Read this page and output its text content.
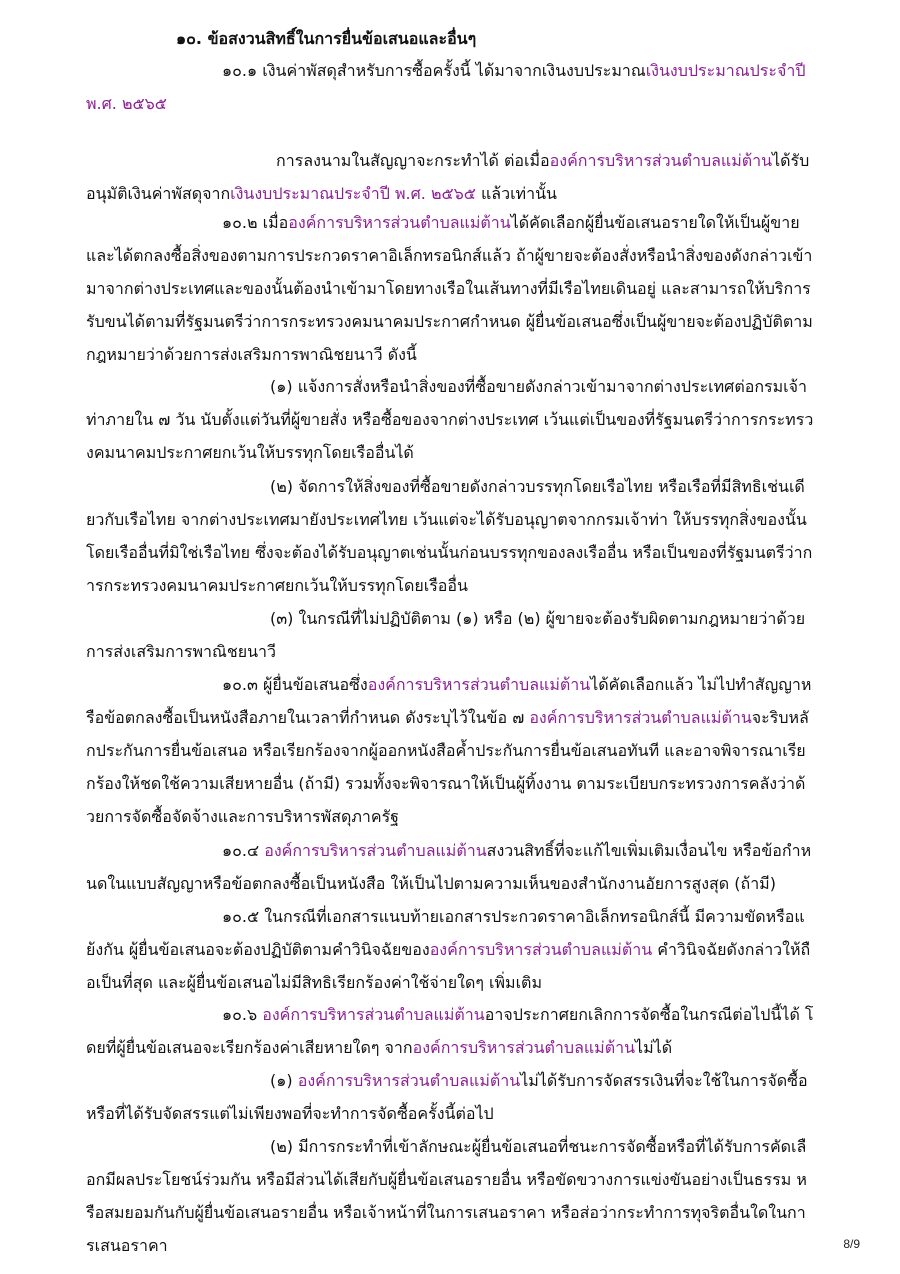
๑๐. ข้อสงวนสิทธิ์ในการยื่นข้อเสนอและอื่นๆ

๑๐.๑ เงินค่าพัสดุสำหรับการซื้อครั้งนี้ ได้มาจากเงินงบประมาณเงินงบประมาณประจำปี พ.ศ. ๒๕๖๕

การลงนามในสัญญาจะกระทำได้ ต่อเมื่อองค์การบริหารส่วนตำบลแม่ต้านได้รับอนุมัติเงินค่าพัสดุจากเงินงบประมาณประจำปี พ.ศ. ๒๕๖๕ แล้วเท่านั้น

๑๐.๒ เมื่อองค์การบริหารส่วนตำบลแม่ต้านได้คัดเลือกผู้ยื่นข้อเสนอรายใดให้เป็นผู้ขาย และได้ตกลงซื้อสิ่งของตามการประกวดราคาอิเล็กทรอนิกส์แล้ว ถ้าผู้ขายจะต้องสั่งหรือนำสิ่งของดังกล่าวเข้ามาจากต่างประเทศและของนั้นต้องนำเข้ามาโดยทางเรือในเส้นทางที่มีเรือไทยเดินอยู่ และสามารถให้บริการรับขนได้ตามที่รัฐมนตรีว่าการกระทรวงคมนาคมประกาศกำหนด ผู้ยื่นข้อเสนอซึ่งเป็นผู้ขายจะต้องปฏิบัติตามกฎหมายว่าด้วยการส่งเสริมการพาณิชยนาวี ดังนี้

(๑) แจ้งการสั่งหรือนำสิ่งของที่ซื้อขายดังกล่าวเข้ามาจากต่างประเทศต่อกรมเจ้าท่าภายใน ๗ วัน นับตั้งแต่วันที่ผู้ขายสั่ง หรือซื้อของจากต่างประเทศ เว้นแต่เป็นของที่รัฐมนตรีว่าการกระทรวงคมนาคมประกาศยกเว้นให้บรรทุกโดยเรืออื่นได้

(๒) จัดการให้สิ่งของที่ซื้อขายดังกล่าวบรรทุกโดยเรือไทย หรือเรือที่มีสิทธิเช่นเดียวกับเรือไทย จากต่างประเทศมายังประเทศไทย เว้นแต่จะได้รับอนุญาตจากกรมเจ้าท่า ให้บรรทุกสิ่งของนั้นโดยเรืออื่นที่มิใช่เรือไทย ซึ่งจะต้องได้รับอนุญาตเช่นนั้นก่อนบรรทุกของลงเรืออื่น หรือเป็นของที่รัฐมนตรีว่าการกระทรวงคมนาคมประกาศยกเว้นให้บรรทุกโดยเรืออื่น

(๓) ในกรณีที่ไม่ปฏิบัติตาม (๑) หรือ (๒) ผู้ขายจะต้องรับผิดตามกฎหมายว่าด้วยการส่งเสริมการพาณิชยนาวี

๑๐.๓ ผู้ยื่นข้อเสนอซึ่งองค์การบริหารส่วนตำบลแม่ต้านได้คัดเลือกแล้ว ไม่ไปทำสัญญาหรือข้อตกลงซื้อเป็นหนังสือภายในเวลาที่กำหนด ดังระบุไว้ในข้อ ๗ องค์การบริหารส่วนตำบลแม่ต้านจะริบหลักประกันการยื่นข้อเสนอ หรือเรียกร้องจากผู้ออกหนังสือค้ำประกันการยื่นข้อเสนอทันที และอาจพิจารณาเรียกร้องให้ชดใช้ความเสียหายอื่น (ถ้ามี) รวมทั้งจะพิจารณาให้เป็นผู้ทิ้งงาน ตามระเบียบกระทรวงการคลังว่าด้วยการจัดซื้อจัดจ้างและการบริหารพัสดุภาครัฐ

๑๐.๔ องค์การบริหารส่วนตำบลแม่ต้านสงวนสิทธิ์ที่จะแก้ไขเพิ่มเติมเงื่อนไข หรือข้อกำหนดในแบบสัญญาหรือข้อตกลงซื้อเป็นหนังสือ ให้เป็นไปตามความเห็นของสำนักงานอัยการสูงสุด (ถ้ามี)

๑๐.๕ ในกรณีที่เอกสารแนบท้ายเอกสารประกวดราคาอิเล็กทรอนิกส์นี้ มีความขัดหรือแย้งกัน ผู้ยื่นข้อเสนอจะต้องปฏิบัติตามคำวินิจฉัยขององค์การบริหารส่วนตำบลแม่ต้าน คำวินิจฉัยดังกล่าวให้ถือเป็นที่สุด และผู้ยื่นข้อเสนอไม่มีสิทธิเรียกร้องค่าใช้จ่ายใดๆ เพิ่มเติม

๑๐.๖ องค์การบริหารส่วนตำบลแม่ต้านอาจประกาศยกเลิกการจัดซื้อในกรณีต่อไปนี้ได้ โดยที่ผู้ยื่นข้อเสนอจะเรียกร้องค่าเสียหายใดๆ จากองค์การบริหารส่วนตำบลแม่ต้านไม่ได้

(๑) องค์การบริหารส่วนตำบลแม่ต้านไม่ได้รับการจัดสรรเงินที่จะใช้ในการจัดซื้อหรือที่ได้รับจัดสรรแต่ไม่เพียงพอที่จะทำการจัดซื้อครั้งนี้ต่อไป

(๒) มีการกระทำที่เข้าลักษณะผู้ยื่นข้อเสนอที่ชนะการจัดซื้อหรือที่ได้รับการคัดเลือกมีผลประโยชน์ร่วมกัน หรือมีส่วนได้เสียกับผู้ยื่นข้อเสนอรายอื่น หรือขัดขวางการแข่งขันอย่างเป็นธรรม หรือสมยอมกันกับผู้ยื่นข้อเสนอรายอื่น หรือเจ้าหน้าที่ในการเสนอราคา หรือส่อว่ากระทำการทุจริตอื่นใดในการเสนอราคา	8/9
